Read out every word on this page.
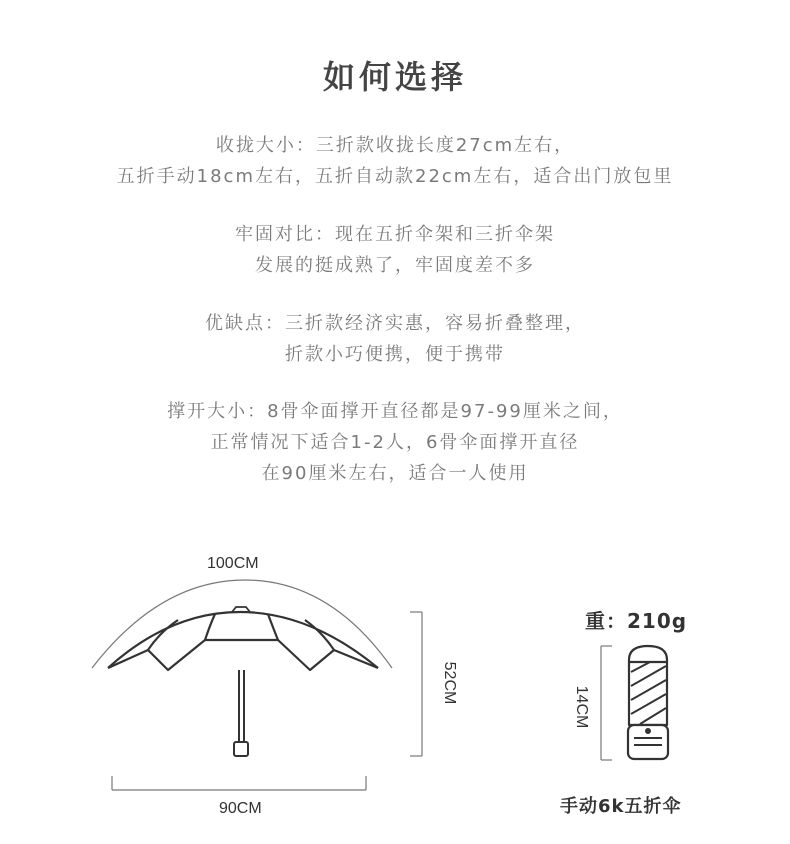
如何选择
收拢大小：三折款收拢长度27cm左右，
五折手动18cm左右，五折自动款22cm左右，适合出门放包里
牢固对比：现在五折伞架和三折伞架
发展的挺成熟了，牢固度差不多
优缺点：三折款经济实惠，容易折叠整理，
折款小巧便携，便于携带
撑开大小：8骨伞面撑开直径都是97-99厘米之间，
正常情况下适合1-2人，6骨伞面撑开直径
在90厘米左右，适合一人使用
100CM
90CM
52CM
重：210g
14CM
手动6k五折伞
